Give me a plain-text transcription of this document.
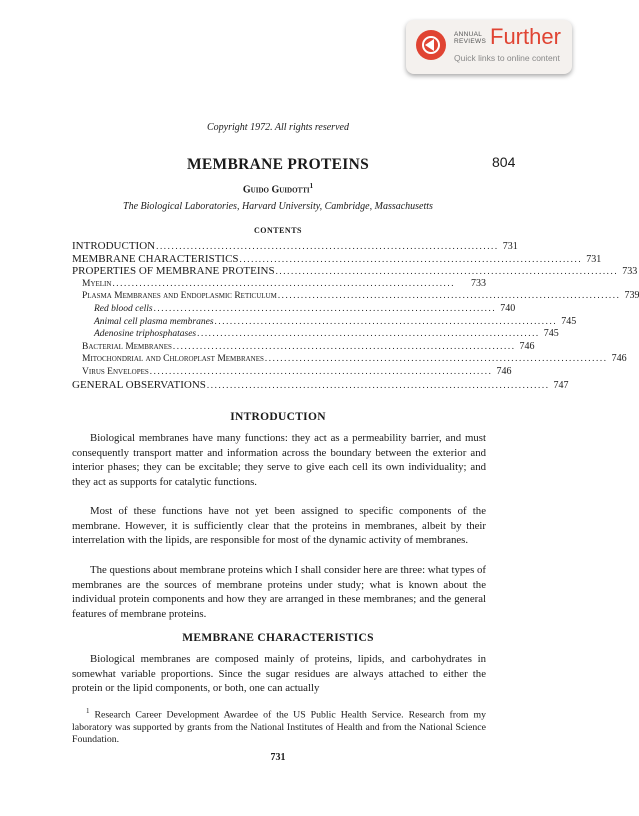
ANNUAL
REVIEWS Further
Quick links to online content
Copyright 1972. All rights reserved
MEMBRANE PROTEINS	804
Guido Guidotti$^1$
The Biological Laboratories, Harvard University, Cambridge, Massachusetts
CONTENTS
INTRODUCTION ......................................................................................... 731
MEMBRANE CHARACTERISTICS ......................................................................................... 731
PROPERTIES OF MEMBRANE PROTEINS ......................................................................................... 733
Myelin .........................................................................................	733
Plasma Membranes and Endoplasmic Reticulum ......................................................................................... 739
Red blood cells ......................................................................................... 740
Animal cell plasma membranes ......................................................................................... 745
Adenosine triphosphatases ......................................................................................... 745
Bacterial Membranes ......................................................................................... 746
Mitochondrial and Chloroplast Membranes ......................................................................................... 746
Virus Envelopes ......................................................................................... 746
GENERAL OBSERVATIONS ......................................................................................... 747
INTRODUCTION

Biological membranes have many functions: they act as a permeability barrier, and must consequently transport matter and information across the boundary between the exterior and interior phases; they can be excitable; they serve to give each cell its own individuality; and they act as supports for catalytic functions.

Most of these functions have not yet been assigned to specific components of the membrane. However, it is sufficiently clear that the proteins in membranes, albeit by their interrelation with the lipids, are responsible for most of the dynamic activity of membranes.

The questions about membrane proteins which I shall consider here are three: what types of membranes are the sources of membrane proteins under study; what is known about the individual protein components and how they are arranged in these membranes; and the general features of membrane proteins.

MEMBRANE CHARACTERISTICS

Biological membranes are composed mainly of proteins, lipids, and carbohydrates in somewhat variable proportions. Since the sugar residues are always attached to either the protein or the lipid components, or both, one can actually

$^1$ Research Career Development Awardee of the US Public Health Service. Research from my laboratory was supported by grants from the National Institutes of Health and from the National Science Foundation.

731
